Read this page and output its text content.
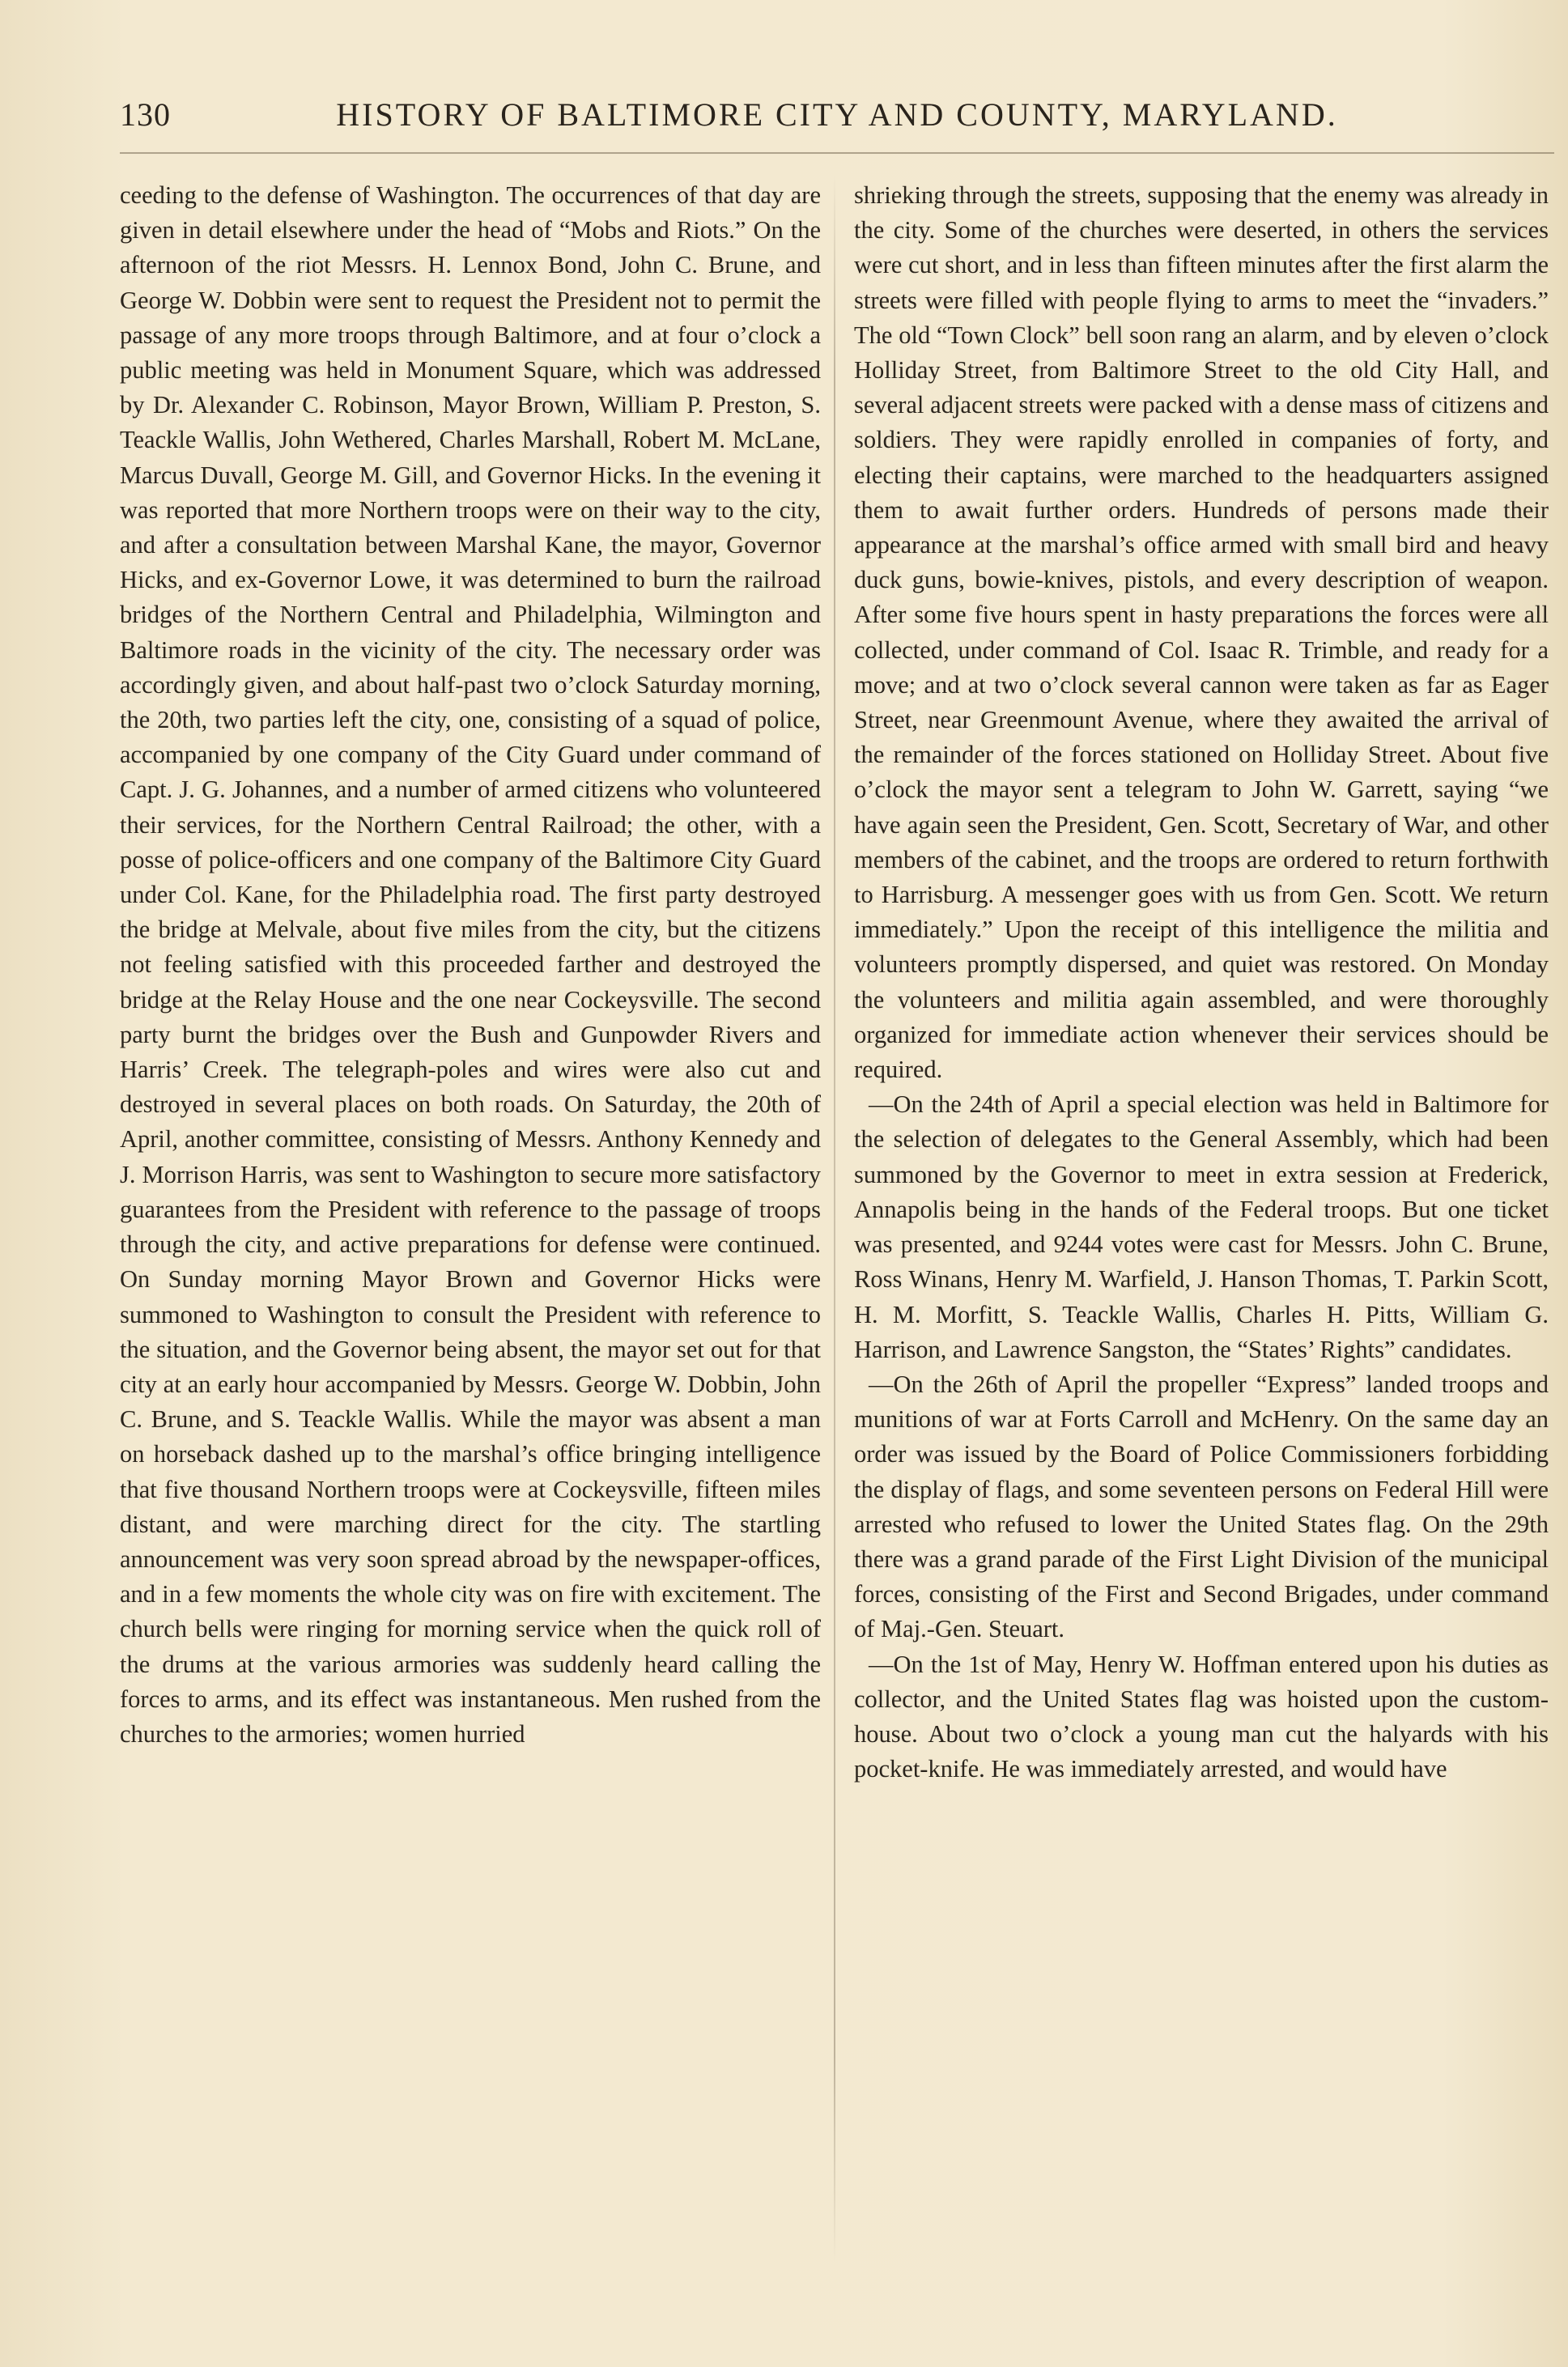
130	HISTORY OF BALTIMORE CITY AND COUNTY, MARYLAND.

ceeding to the defense of Washington. The occurrences of that day are given in detail elsewhere under the head of “Mobs and Riots.” On the afternoon of the riot Messrs. H. Lennox Bond, John C. Brune, and George W. Dobbin were sent to request the President not to permit the passage of any more troops through Baltimore, and at four o’clock a public meeting was held in Monument Square, which was addressed by Dr. Alexander C. Robinson, Mayor Brown, William P. Preston, S. Teackle Wallis, John Wethered, Charles Marshall, Robert M. McLane, Marcus Duvall, George M. Gill, and Governor Hicks. In the evening it was reported that more Northern troops were on their way to the city, and after a consultation between Marshal Kane, the mayor, Governor Hicks, and ex-Governor Lowe, it was determined to burn the railroad bridges of the Northern Central and Philadelphia, Wilmington and Baltimore roads in the vicinity of the city. The necessary order was accordingly given, and about half-past two o’clock Saturday morning, the 20th, two parties left the city, one, consisting of a squad of police, accompanied by one company of the City Guard under command of Capt. J. G. Johannes, and a number of armed citizens who volunteered their services, for the Northern Central Railroad; the other, with a posse of police-officers and one company of the Baltimore City Guard under Col. Kane, for the Philadelphia road. The first party destroyed the bridge at Melvale, about five miles from the city, but the citizens not feeling satisfied with this proceeded farther and destroyed the bridge at the Relay House and the one near Cockeysville. The second party burnt the bridges over the Bush and Gunpowder Rivers and Harris’ Creek. The telegraph-poles and wires were also cut and destroyed in several places on both roads. On Saturday, the 20th of April, another committee, consisting of Messrs. Anthony Kennedy and J. Morrison Harris, was sent to Washington to secure more satisfactory guarantees from the President with reference to the passage of troops through the city, and active preparations for defense were continued. On Sunday morning Mayor Brown and Governor Hicks were summoned to Washington to consult the President with reference to the situation, and the Governor being absent, the mayor set out for that city at an early hour accompanied by Messrs. George W. Dobbin, John C. Brune, and S. Teackle Wallis. While the mayor was absent a man on horseback dashed up to the marshal’s office bringing intelligence that five thousand Northern troops were at Cockeysville, fifteen miles distant, and were marching direct for the city. The startling announcement was very soon spread abroad by the newspaper-offices, and in a few moments the whole city was on fire with excitement. The church bells were ringing for morning service when the quick roll of the drums at the various armories was suddenly heard calling the forces to arms, and its effect was instantaneous. Men rushed from the churches to the armories; women hurried

shrieking through the streets, supposing that the enemy was already in the city. Some of the churches were deserted, in others the services were cut short, and in less than fifteen minutes after the first alarm the streets were filled with people flying to arms to meet the “invaders.” The old “Town Clock” bell soon rang an alarm, and by eleven o’clock Holliday Street, from Baltimore Street to the old City Hall, and several adjacent streets were packed with a dense mass of citizens and soldiers. They were rapidly enrolled in companies of forty, and electing their captains, were marched to the headquarters assigned them to await further orders. Hundreds of persons made their appearance at the marshal’s office armed with small bird and heavy duck guns, bowie-knives, pistols, and every description of weapon. After some five hours spent in hasty preparations the forces were all collected, under command of Col. Isaac R. Trimble, and ready for a move; and at two o’clock several cannon were taken as far as Eager Street, near Greenmount Avenue, where they awaited the arrival of the remainder of the forces stationed on Holliday Street. About five o’clock the mayor sent a telegram to John W. Garrett, saying “we have again seen the President, Gen. Scott, Secretary of War, and other members of the cabinet, and the troops are ordered to return forthwith to Harrisburg. A messenger goes with us from Gen. Scott. We return immediately.” Upon the receipt of this intelligence the militia and volunteers promptly dispersed, and quiet was restored. On Monday the volunteers and militia again assembled, and were thoroughly organized for immediate action whenever their services should be required.

—On the 24th of April a special election was held in Baltimore for the selection of delegates to the General Assembly, which had been summoned by the Governor to meet in extra session at Frederick, Annapolis being in the hands of the Federal troops. But one ticket was presented, and 9244 votes were cast for Messrs. John C. Brune, Ross Winans, Henry M. Warfield, J. Hanson Thomas, T. Parkin Scott, H. M. Morfitt, S. Teackle Wallis, Charles H. Pitts, William G. Harrison, and Lawrence Sangston, the “States’ Rights” candidates.

—On the 26th of April the propeller “Express” landed troops and munitions of war at Forts Carroll and McHenry. On the same day an order was issued by the Board of Police Commissioners forbidding the display of flags, and some seventeen persons on Federal Hill were arrested who refused to lower the United States flag. On the 29th there was a grand parade of the First Light Division of the municipal forces, consisting of the First and Second Brigades, under command of Maj.-Gen. Steuart.

—On the 1st of May, Henry W. Hoffman entered upon his duties as collector, and the United States flag was hoisted upon the custom-house. About two o’clock a young man cut the halyards with his pocket-knife. He was immediately arrested, and would have
